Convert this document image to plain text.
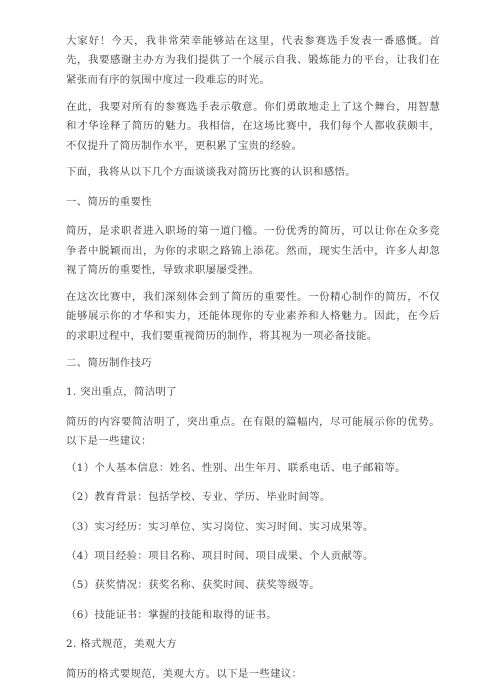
大家好！今天，我非常荣幸能够站在这里，代表参赛选手发表一番感慨。首先，我要感谢主办方为我们提供了一个展示自我、锻炼能力的平台，让我们在紧张而有序的氛围中度过一段难忘的时光。

在此，我要对所有的参赛选手表示敬意。你们勇敢地走上了这个舞台，用智慧和才华诠释了简历的魅力。我相信，在这场比赛中，我们每个人都收获颇丰，不仅提升了简历制作水平，更积累了宝贵的经验。

下面，我将从以下几个方面谈谈我对简历比赛的认识和感悟。

一、简历的重要性

简历，是求职者进入职场的第一道门槛。一份优秀的简历，可以让你在众多竞争者中脱颖而出，为你的求职之路锦上添花。然而，现实生活中，许多人却忽视了简历的重要性，导致求职屡屡受挫。

在这次比赛中，我们深刻体会到了简历的重要性。一份精心制作的简历，不仅能够展示你的才华和实力，还能体现你的专业素养和人格魅力。因此，在今后的求职过程中，我们要重视简历的制作，将其视为一项必备技能。

二、简历制作技巧

1. 突出重点，简洁明了

简历的内容要简洁明了，突出重点。在有限的篇幅内，尽可能展示你的优势。以下是一些建议：

（1）个人基本信息：姓名、性别、出生年月、联系电话、电子邮箱等。

（2）教育背景：包括学校、专业、学历、毕业时间等。

（3）实习经历：实习单位、实习岗位、实习时间、实习成果等。

（4）项目经验：项目名称、项目时间、项目成果、个人贡献等。

（5）获奖情况：获奖名称、获奖时间、获奖等级等。

（6）技能证书：掌握的技能和取得的证书。

2. 格式规范，美观大方

简历的格式要规范，美观大方。以下是一些建议：
